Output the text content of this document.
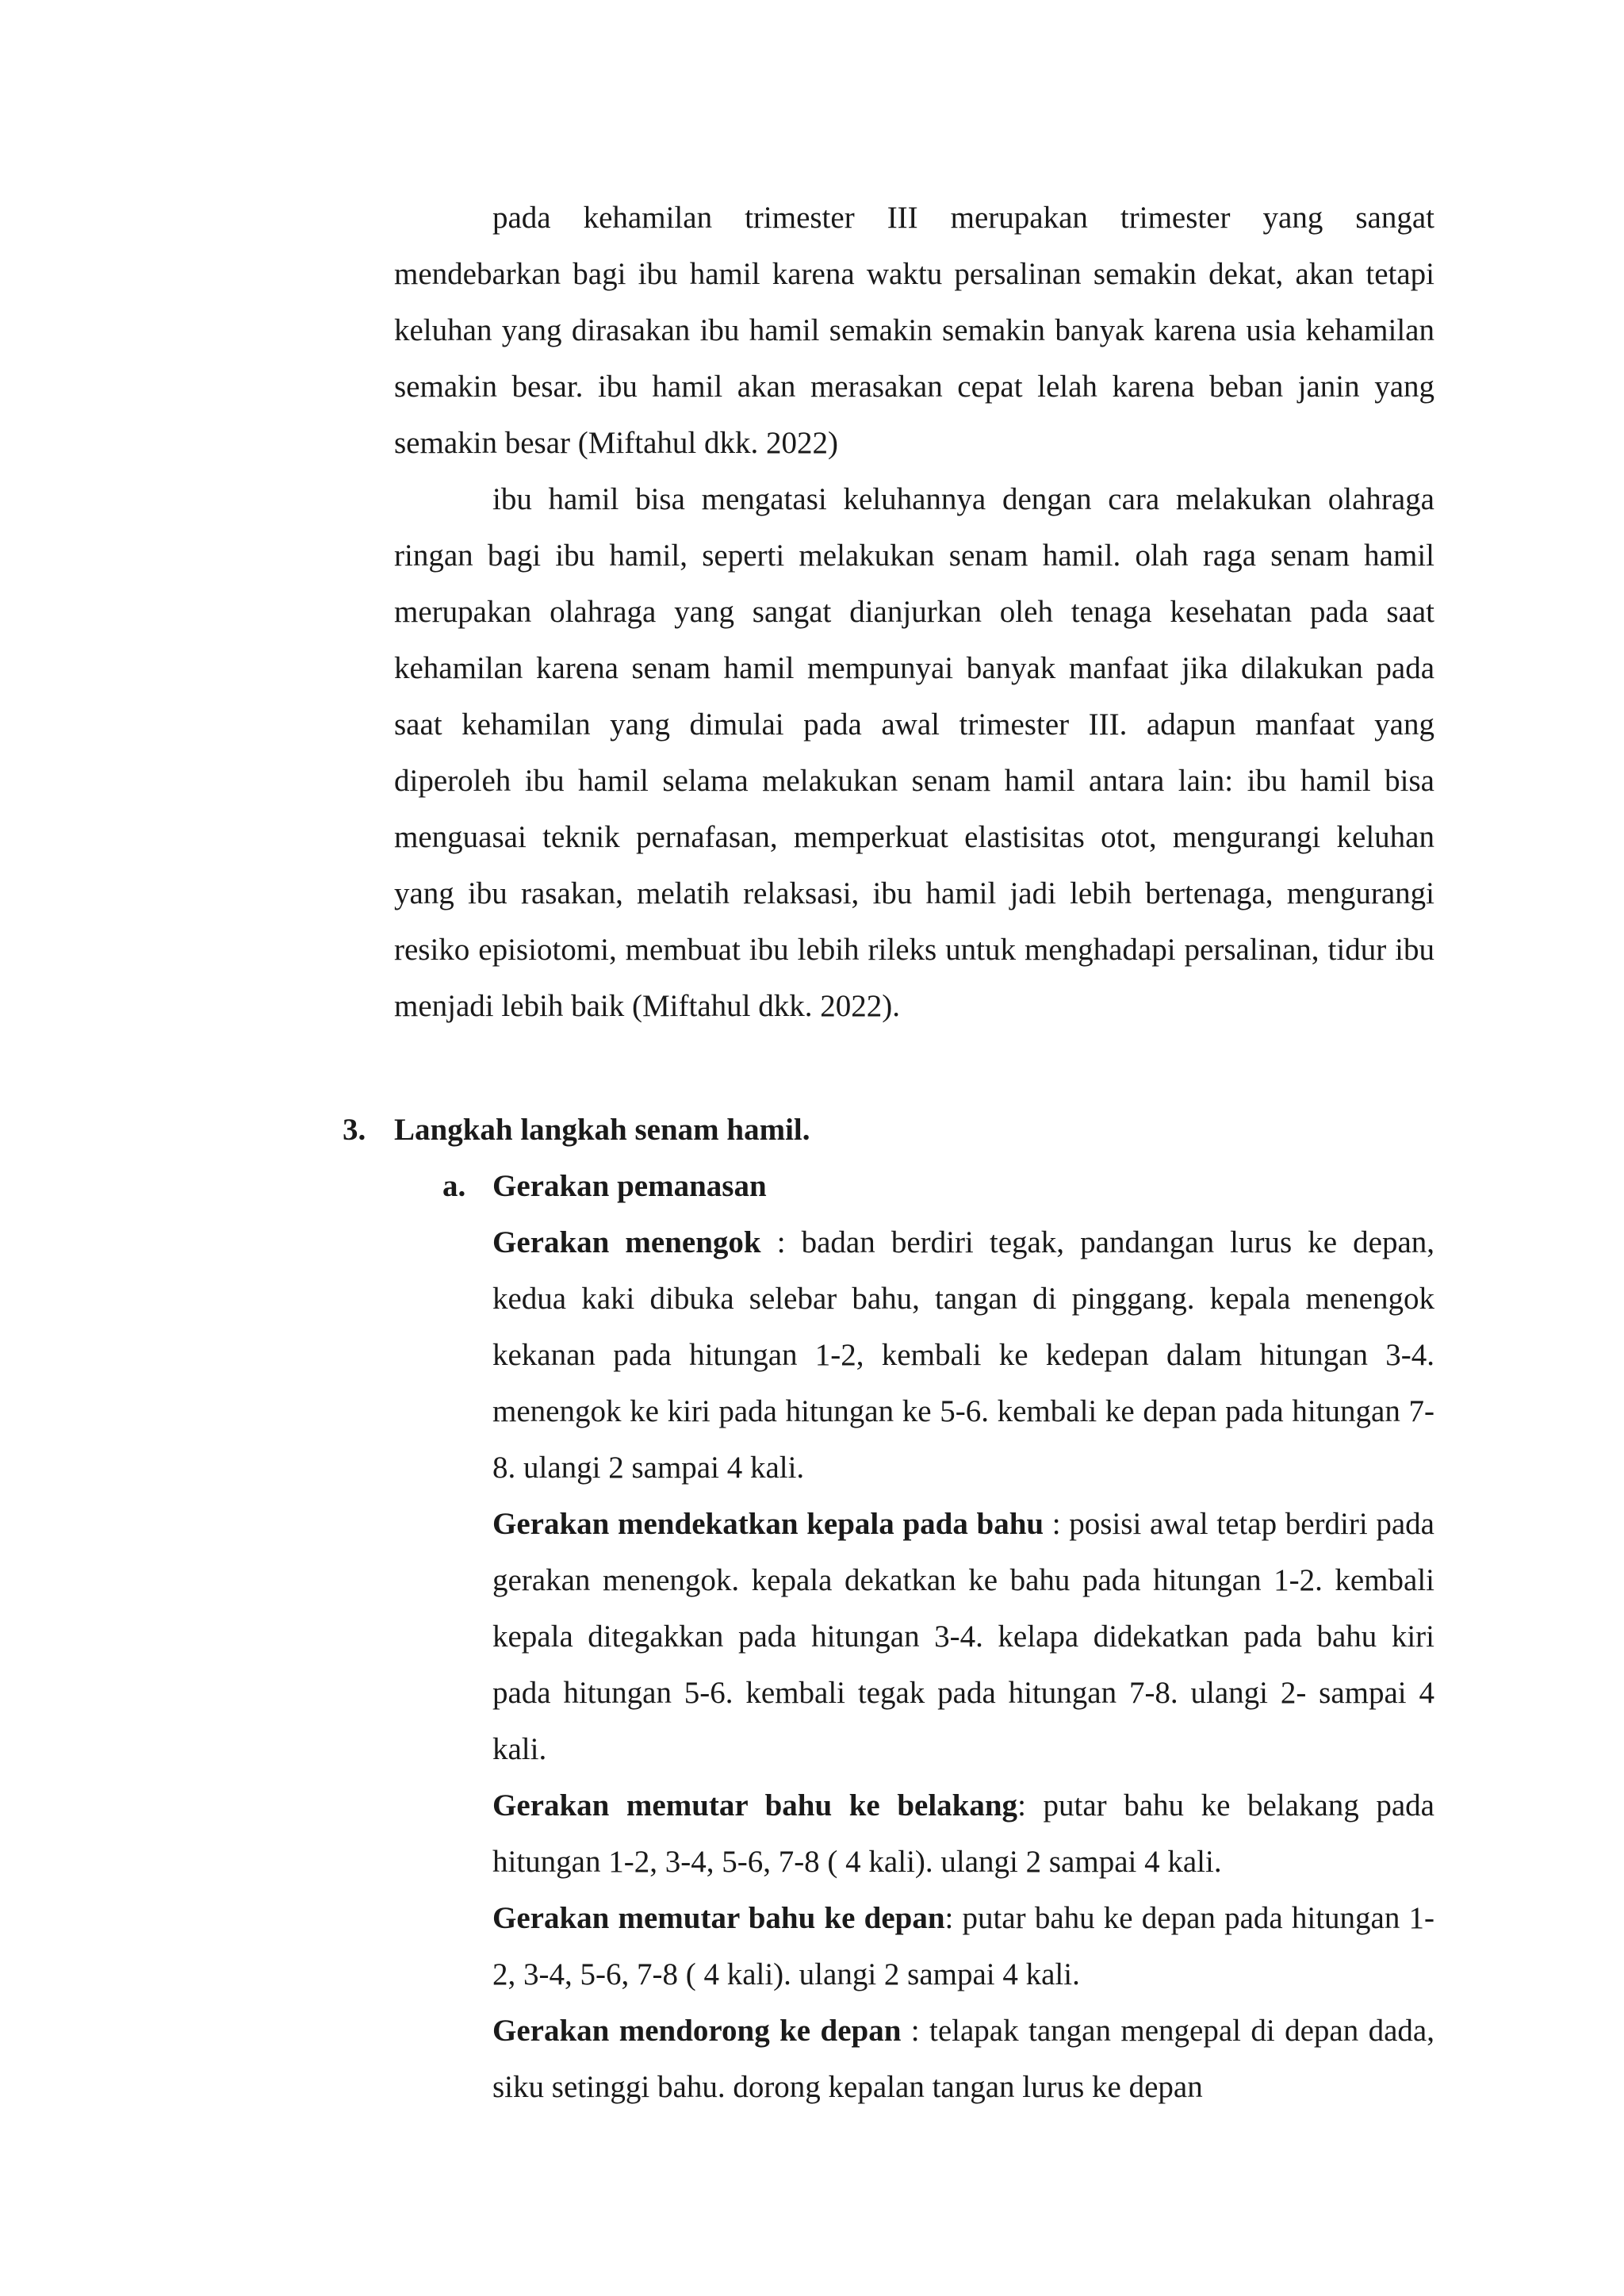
pada kehamilan trimester III merupakan trimester yang sangat mendebarkan bagi ibu hamil karena waktu persalinan semakin dekat, akan tetapi keluhan yang dirasakan ibu hamil semakin semakin banyak karena usia kehamilan semakin besar. ibu hamil akan merasakan cepat lelah karena beban janin yang semakin besar (Miftahul dkk. 2022)

ibu hamil bisa mengatasi keluhannya dengan cara melakukan olahraga ringan bagi ibu hamil, seperti melakukan senam hamil. olah raga senam hamil merupakan olahraga yang sangat dianjurkan oleh tenaga kesehatan pada saat kehamilan karena senam hamil mempunyai banyak manfaat jika dilakukan pada saat kehamilan yang dimulai pada awal trimester III. adapun manfaat yang diperoleh ibu hamil selama melakukan senam hamil antara lain: ibu hamil bisa menguasai teknik pernafasan, memperkuat elastisitas otot, mengurangi keluhan yang ibu rasakan, melatih relaksasi, ibu hamil jadi lebih bertenaga, mengurangi resiko episiotomi, membuat ibu lebih rileks untuk menghadapi persalinan, tidur ibu menjadi lebih baik (Miftahul dkk. 2022).

3. Langkah langkah senam hamil.
a. Gerakan pemanasan

Gerakan menengok : badan berdiri tegak, pandangan lurus ke depan, kedua kaki dibuka selebar bahu, tangan di pinggang. kepala menengok kekanan pada hitungan 1-2, kembali ke kedepan dalam hitungan 3-4. menengok ke kiri pada hitungan ke 5-6. kembali ke depan pada hitungan 7-8. ulangi 2 sampai 4 kali.

Gerakan mendekatkan kepala pada bahu : posisi awal tetap berdiri pada gerakan menengok. kepala dekatkan ke bahu pada hitungan 1-2. kembali kepala ditegakkan pada hitungan 3-4. kelapa didekatkan pada bahu kiri pada hitungan 5-6. kembali tegak pada hitungan 7-8. ulangi 2- sampai 4 kali.

Gerakan memutar bahu ke belakang: putar bahu ke belakang pada hitungan 1-2, 3-4, 5-6, 7-8 ( 4 kali). ulangi 2 sampai 4 kali.

Gerakan memutar bahu ke depan: putar bahu ke depan pada hitungan 1-2, 3-4, 5-6, 7-8 ( 4 kali). ulangi 2 sampai 4 kali.

Gerakan mendorong ke depan : telapak tangan mengepal di depan dada, siku setinggi bahu. dorong kepalan tangan lurus ke depan
